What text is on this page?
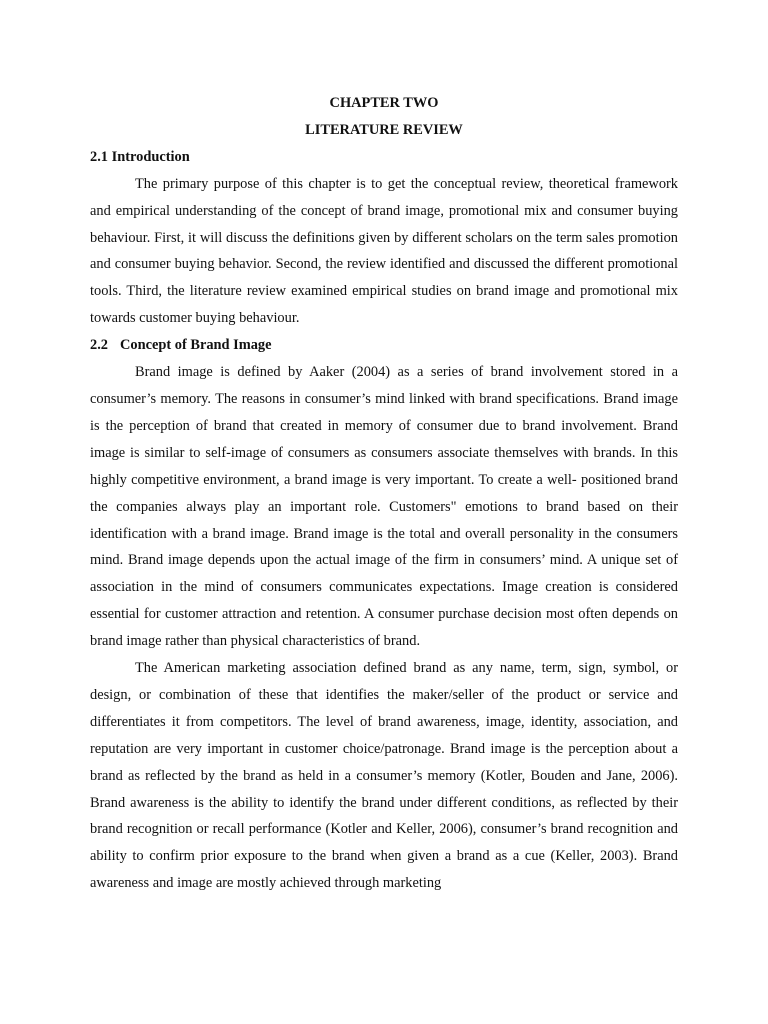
CHAPTER TWO

LITERATURE REVIEW

2.1 Introduction

The primary purpose of this chapter is to get the conceptual review, theoretical framework and empirical understanding of the concept of brand image, promotional mix and consumer buying behaviour. First, it will discuss the definitions given by different scholars on the term sales promotion and consumer buying behavior. Second, the review identified and discussed the different promotional tools. Third, the literature review examined empirical studies on brand image and promotional mix towards customer buying behaviour.

2.2 Concept of Brand Image

Brand image is defined by Aaker (2004) as a series of brand involvement stored in a consumer’s memory. The reasons in consumer’s mind linked with brand specifications. Brand image is the perception of brand that created in memory of consumer due to brand involvement. Brand image is similar to self-image of consumers as consumers associate themselves with brands. In this highly competitive environment, a brand image is very important. To create a well- positioned brand the companies always play an important role. Customers" emotions to brand based on their identification with a brand image. Brand image is the total and overall personality in the consumers mind. Brand image depends upon the actual image of the firm in consumers’ mind. A unique set of association in the mind of consumers communicates expectations. Image creation is considered essential for customer attraction and retention. A consumer purchase decision most often depends on brand image rather than physical characteristics of brand.

The American marketing association defined brand as any name, term, sign, symbol, or design, or combination of these that identifies the maker/seller of the product or service and differentiates it from competitors. The level of brand awareness, image, identity, association, and reputation are very important in customer choice/patronage. Brand image is the perception about a brand as reflected by the brand as held in a consumer’s memory (Kotler, Bouden and Jane, 2006). Brand awareness is the ability to identify the brand under different conditions, as reflected by their brand recognition or recall performance (Kotler and Keller, 2006), consumer’s brand recognition and ability to confirm prior exposure to the brand when given a brand as a cue (Keller, 2003). Brand awareness and image are mostly achieved through marketing
